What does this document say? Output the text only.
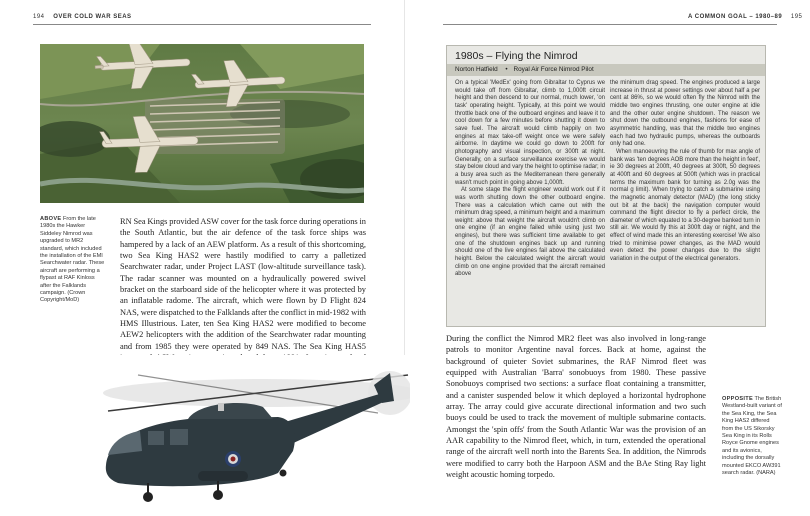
194 OVER COLD WAR SEAS
ABOVE From the late 1980s the Hawker Siddeley Nimrod was upgraded to MR2 standard, which included the installation of the EMI Searchwater radar. These aircraft are performing a flypast at RAF Kinloss after the Falklands campaign. (Crown Copyright/MoD)
RN Sea Kings provided ASW cover for the task force during operations in the South Atlantic, but the air defence of the task force ships was hampered by a lack of an AEW platform. As a result of this shortcoming, two Sea King HAS2 were hastily modified to carry a palletized Searchwater radar, under Project LAST (low-altitude surveillance task). The radar scanner was mounted on a hydraulically powered swivel bracket on the starboard side of the helicopter where it was protected by an inflatable radome. The aircraft, which were flown by D Flight 824 NAS, were dispatched to the Falklands after the conflict in mid-1982 with HMS Illustrious. Later, ten Sea King HAS2 were modified to become AEW2 helicopters with the addition of the Searchwater radar mounting and from 1985 they were operated by 849 NAS. The Sea King HAS5
A COMMON GOAL – 1980–89 195
1980s – Flying the Nimrod
Norton Hatfield • Royal Air Force Nimrod Pilot

On a typical 'MedEx' going from Gibraltar to Cyprus we would take off from Gibraltar, climb to 1,000ft circuit height and then descend to our normal, much lower, 'on task' operating height. Typically, at this point we would throttle back one of the outboard engines and leave it to cool down for a few minutes before shutting it down to save fuel. The aircraft would climb happily on two engines at max take-off weight once we were safely airborne. In daytime we could go down to 200ft for photography and visual inspection, or 300ft at night. Generally, on a surface surveillance exercise we would stay below cloud and vary the height to optimise radar; in a busy area such as the Mediterranean there generally wasn't much point in going above 1,000ft.

At some stage the flight engineer would work out if it was worth shutting down the other outboard engine. There was a calculation which came out with the minimum drag speed, a minimum height and a maximum weight: above that weight the aircraft wouldn't climb on one engine (if an engine failed while using just two engines), but there was sufficient time available to get one of the shutdown engines back up and running should one of the live engines fail above the calculated height. Below the calculated weight the aircraft would climb on one engine provided that the aircraft remained above

the minimum drag speed. The engines produced a large increase in thrust at power settings over about half a per cent at 86%, so we would often fly the Nimrod with the middle two engines thrusting, one outer engine at idle and the other outer engine shutdown. The reason we shut down the outbound engines, fashions for ease of asymmetric handling, was that the middle two engines each had two hydraulic pumps, whereas the outboards only had one.

When manoeuvring the rule of thumb for max angle of bank was 'ten degrees AOB more than the height in feet', ie 30 degrees at 200ft, 40 degrees at 300ft, 50 degrees at 400ft and 60 degrees at 500ft (which was in practical terms the maximum bank for turning as 2.0g was the normal g limit). When trying to catch a submarine using the magnetic anomaly detector (MAD) (the long sticky out bit at the back) the navigation computer would command the flight director to fly a perfect circle, the diameter of which equated to a 30-degree banked turn in still air. We would fly this at 300ft day or night, and the effect of wind made this an interesting exercise! We also tried to minimise power changes, as the MAD would even detect the power changes due to the slight variation in the output of the electrical generators.

During the conflict the Nimrod MR2 fleet was also involved in long-range patrols to monitor Argentine naval forces. Back at home, against the background of quieter Soviet submarines, the RAF Nimrod fleet was equipped with Australian 'Barra' sonobuoys from 1980. These passive Sonobuoys comprised two sections: a surface float containing a transmitter, and a canister suspended below it which deployed a horizontal hydrophone array. The array could give accurate directional information and two such buoys could be used to track the movement of multiple submarine contacts. Amongst the 'spin offs' from the South Atlantic War was the provision of an AAR capability to the Nimrod fleet, which, in turn, extended the operational range of the aircraft well north into the Barents Sea. In addition, the Nimrods were modified to carry both the Harpoon ASM and the BAe Sting Ray light weight acoustic homing torpedo.
OPPOSITE The British Westland-built variant of the Sea King, the Sea King HAS2 differed from the US Sikorsky Sea King in its Rolls Royce Gnome engines and its avionics, including the dorsally mounted EKCO AW391 search radar. (NARA)
